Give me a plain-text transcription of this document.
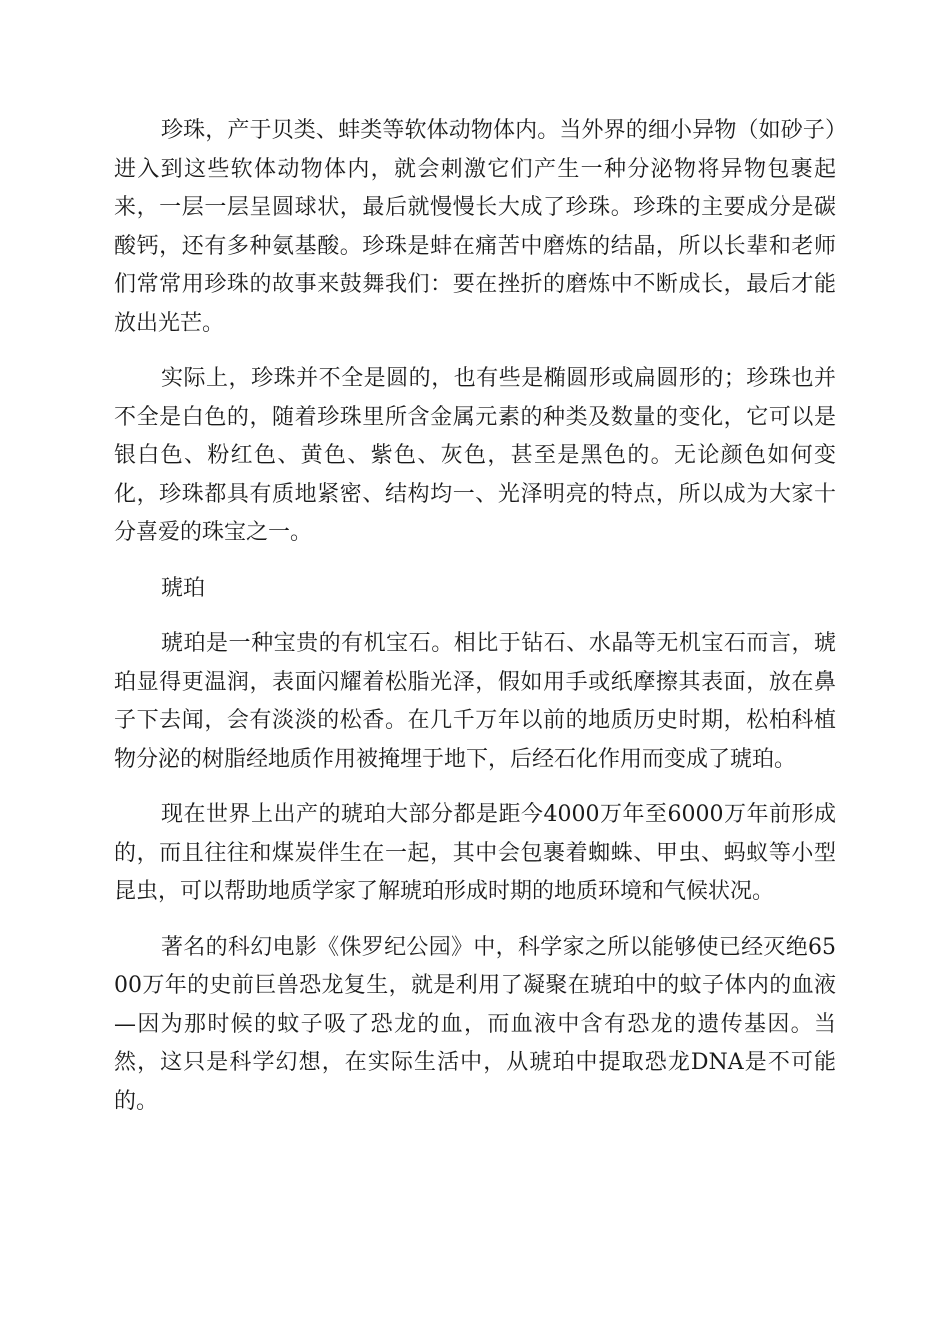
珍珠，产于贝类、蚌类等软体动物体内。当外界的细小异物（如砂子）进入到这些软体动物体内，就会刺激它们产生一种分泌物将异物包裹起来，一层一层呈圆球状，最后就慢慢长大成了珍珠。珍珠的主要成分是碳酸钙，还有多种氨基酸。珍珠是蚌在痛苦中磨炼的结晶，所以长辈和老师们常常用珍珠的故事来鼓舞我们：要在挫折的磨炼中不断成长，最后才能放出光芒。

实际上，珍珠并不全是圆的，也有些是椭圆形或扁圆形的；珍珠也并不全是白色的，随着珍珠里所含金属元素的种类及数量的变化，它可以是银白色、粉红色、黄色、紫色、灰色，甚至是黑色的。无论颜色如何变化，珍珠都具有质地紧密、结构均一、光泽明亮的特点，所以成为大家十分喜爱的珠宝之一。

琥珀

琥珀是一种宝贵的有机宝石。相比于钻石、水晶等无机宝石而言，琥珀显得更温润，表面闪耀着松脂光泽，假如用手或纸摩擦其表面，放在鼻子下去闻，会有淡淡的松香。在几千万年以前的地质历史时期，松柏科植物分泌的树脂经地质作用被掩埋于地下，后经石化作用而变成了琥珀。

现在世界上出产的琥珀大部分都是距今4000万年至6000万年前形成的，而且往往和煤炭伴生在一起，其中会包裹着蜘蛛、甲虫、蚂蚁等小型昆虫，可以帮助地质学家了解琥珀形成时期的地质环境和气候状况。

著名的科幻电影《侏罗纪公园》中，科学家之所以能够使已经灭绝6500万年的史前巨兽恐龙复生，就是利用了凝聚在琥珀中的蚊子体内的血液—因为那时候的蚊子吸了恐龙的血，而血液中含有恐龙的遗传基因。当然，这只是科学幻想，在实际生活中，从琥珀中提取恐龙DNA是不可能的。
